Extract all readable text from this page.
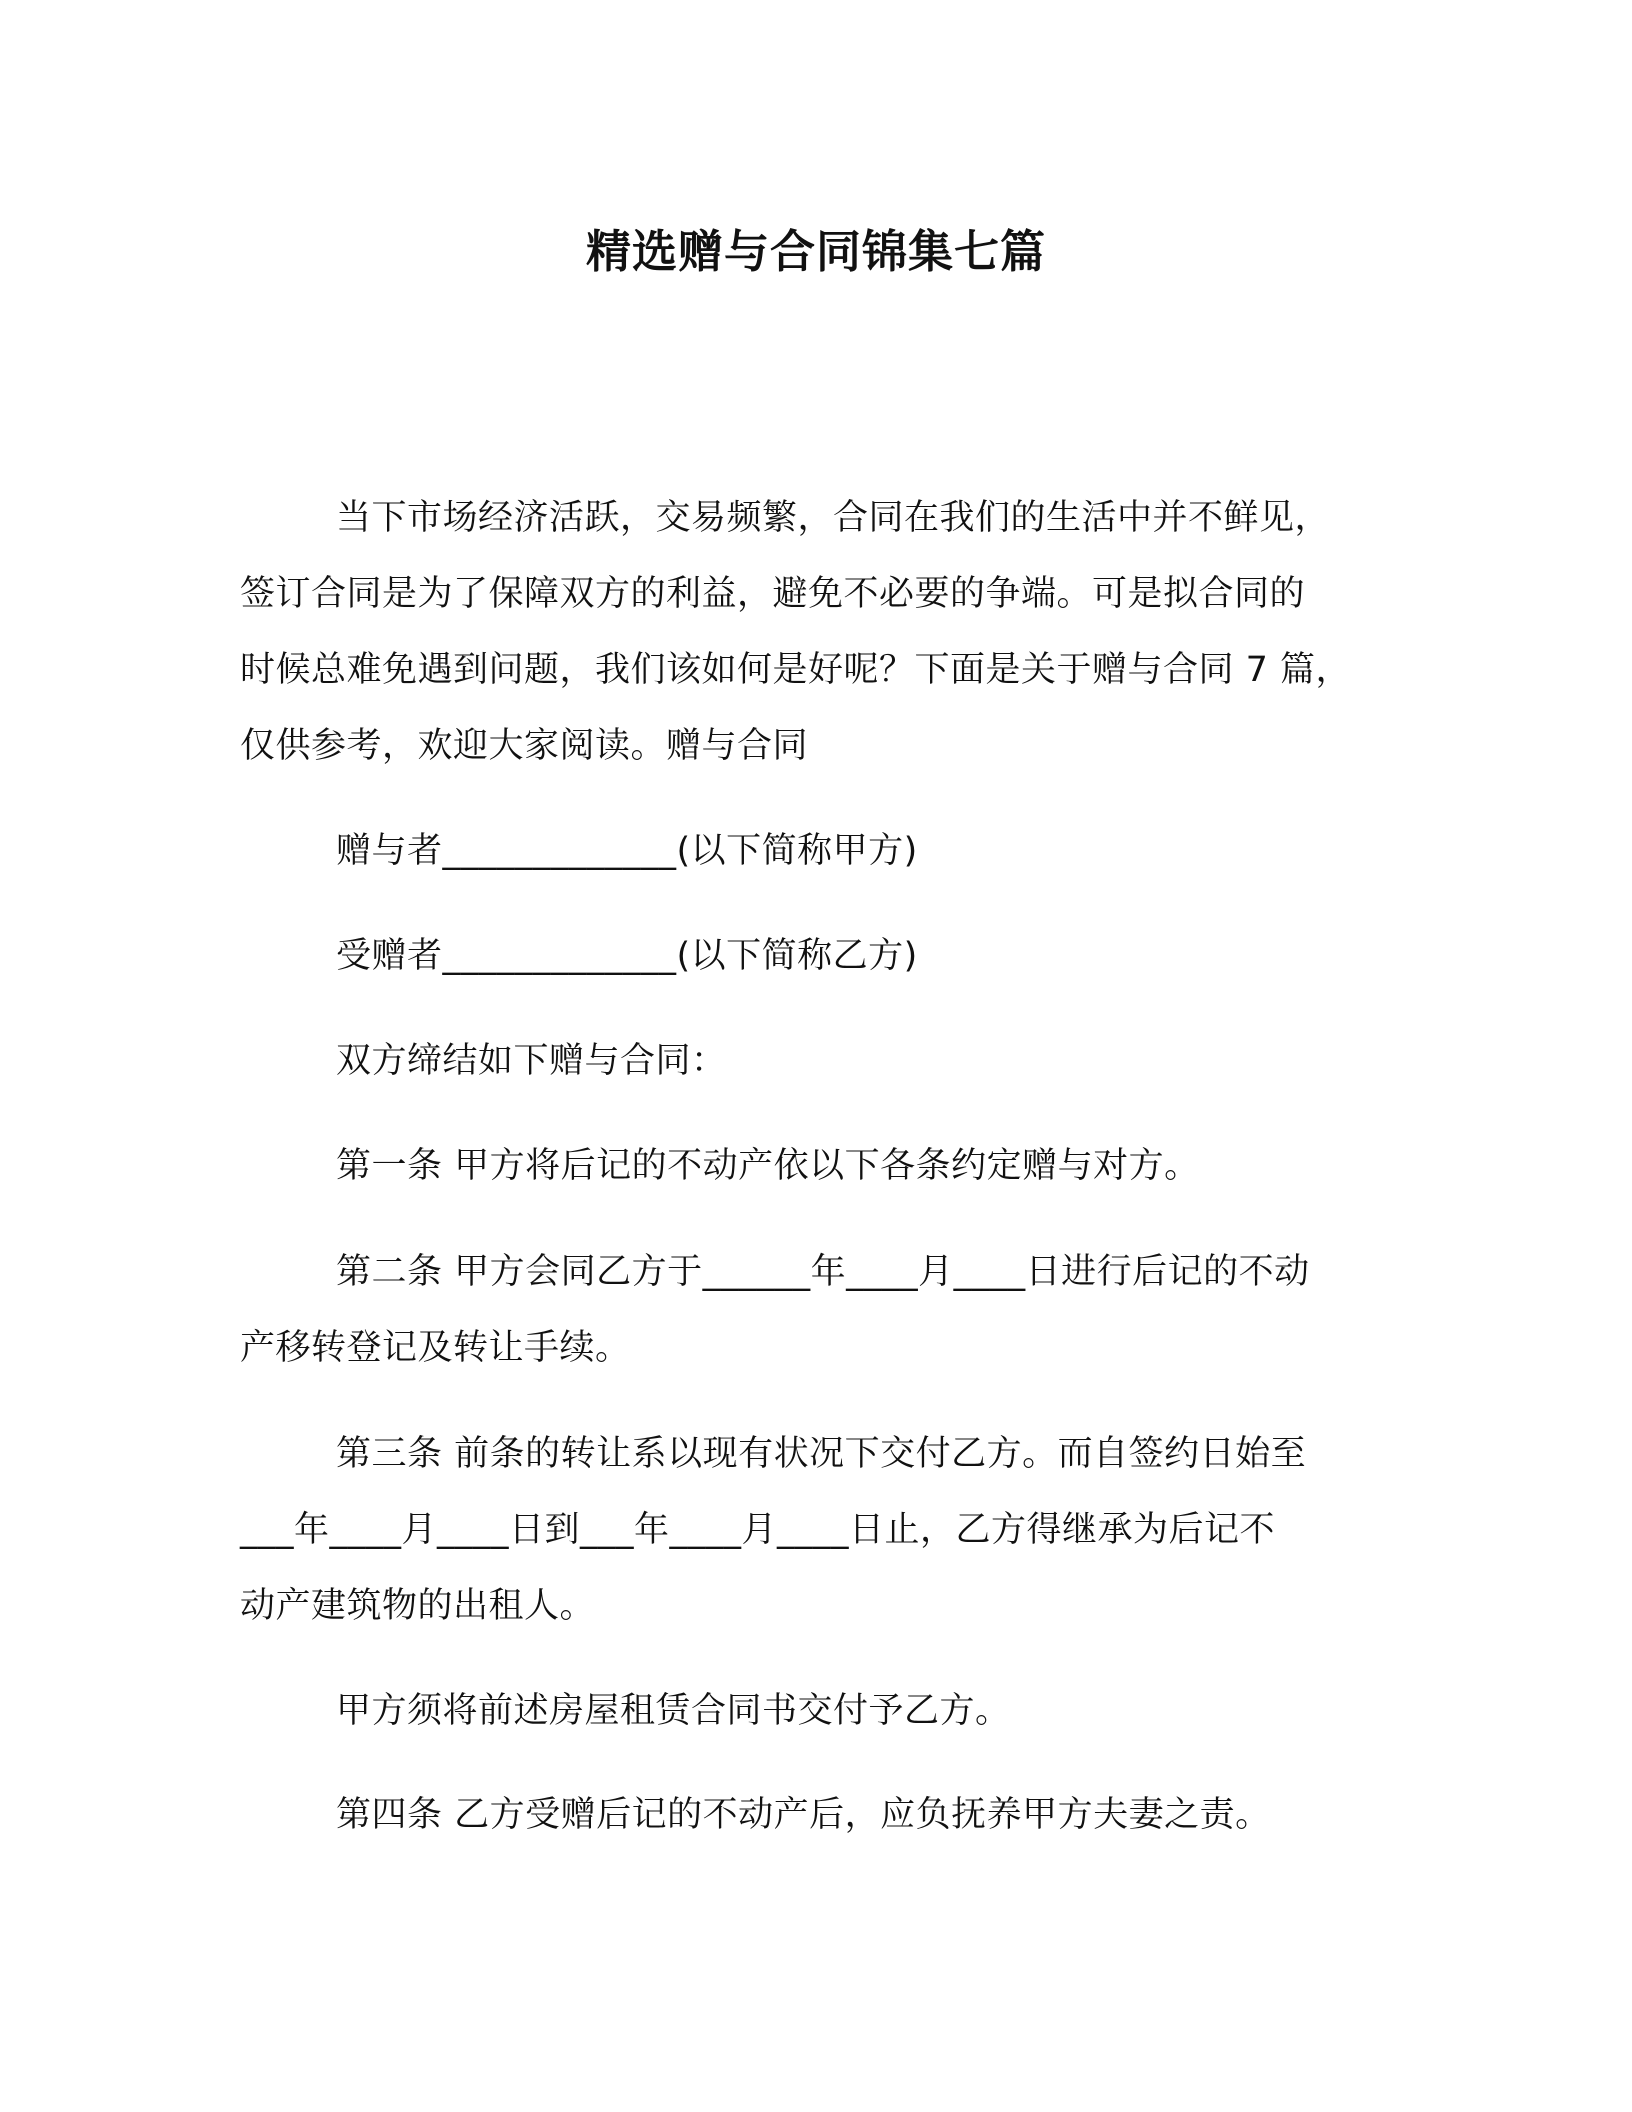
精选赠与合同锦集七篇
当下市场经济活跃，交易频繁，合同在我们的生活中并不鲜见，
签订合同是为了保障双方的利益，避免不必要的争端。可是拟合同的
时候总难免遇到问题，我们该如何是好呢？下面是关于赠与合同 7 篇，
仅供参考，欢迎大家阅读。赠与合同
赠与者_____________(以下简称甲方)
受赠者_____________(以下简称乙方)
双方缔结如下赠与合同：
第一条 甲方将后记的不动产依以下各条约定赠与对方。
第二条 甲方会同乙方于______年____月____日进行后记的不动
产移转登记及转让手续。
第三条 前条的转让系以现有状况下交付乙方。而自签约日始至
___年____月____日到___年____月____日止，乙方得继承为后记不
动产建筑物的出租人。
甲方须将前述房屋租赁合同书交付予乙方。
第四条 乙方受赠后记的不动产后，应负抚养甲方夫妻之责。
